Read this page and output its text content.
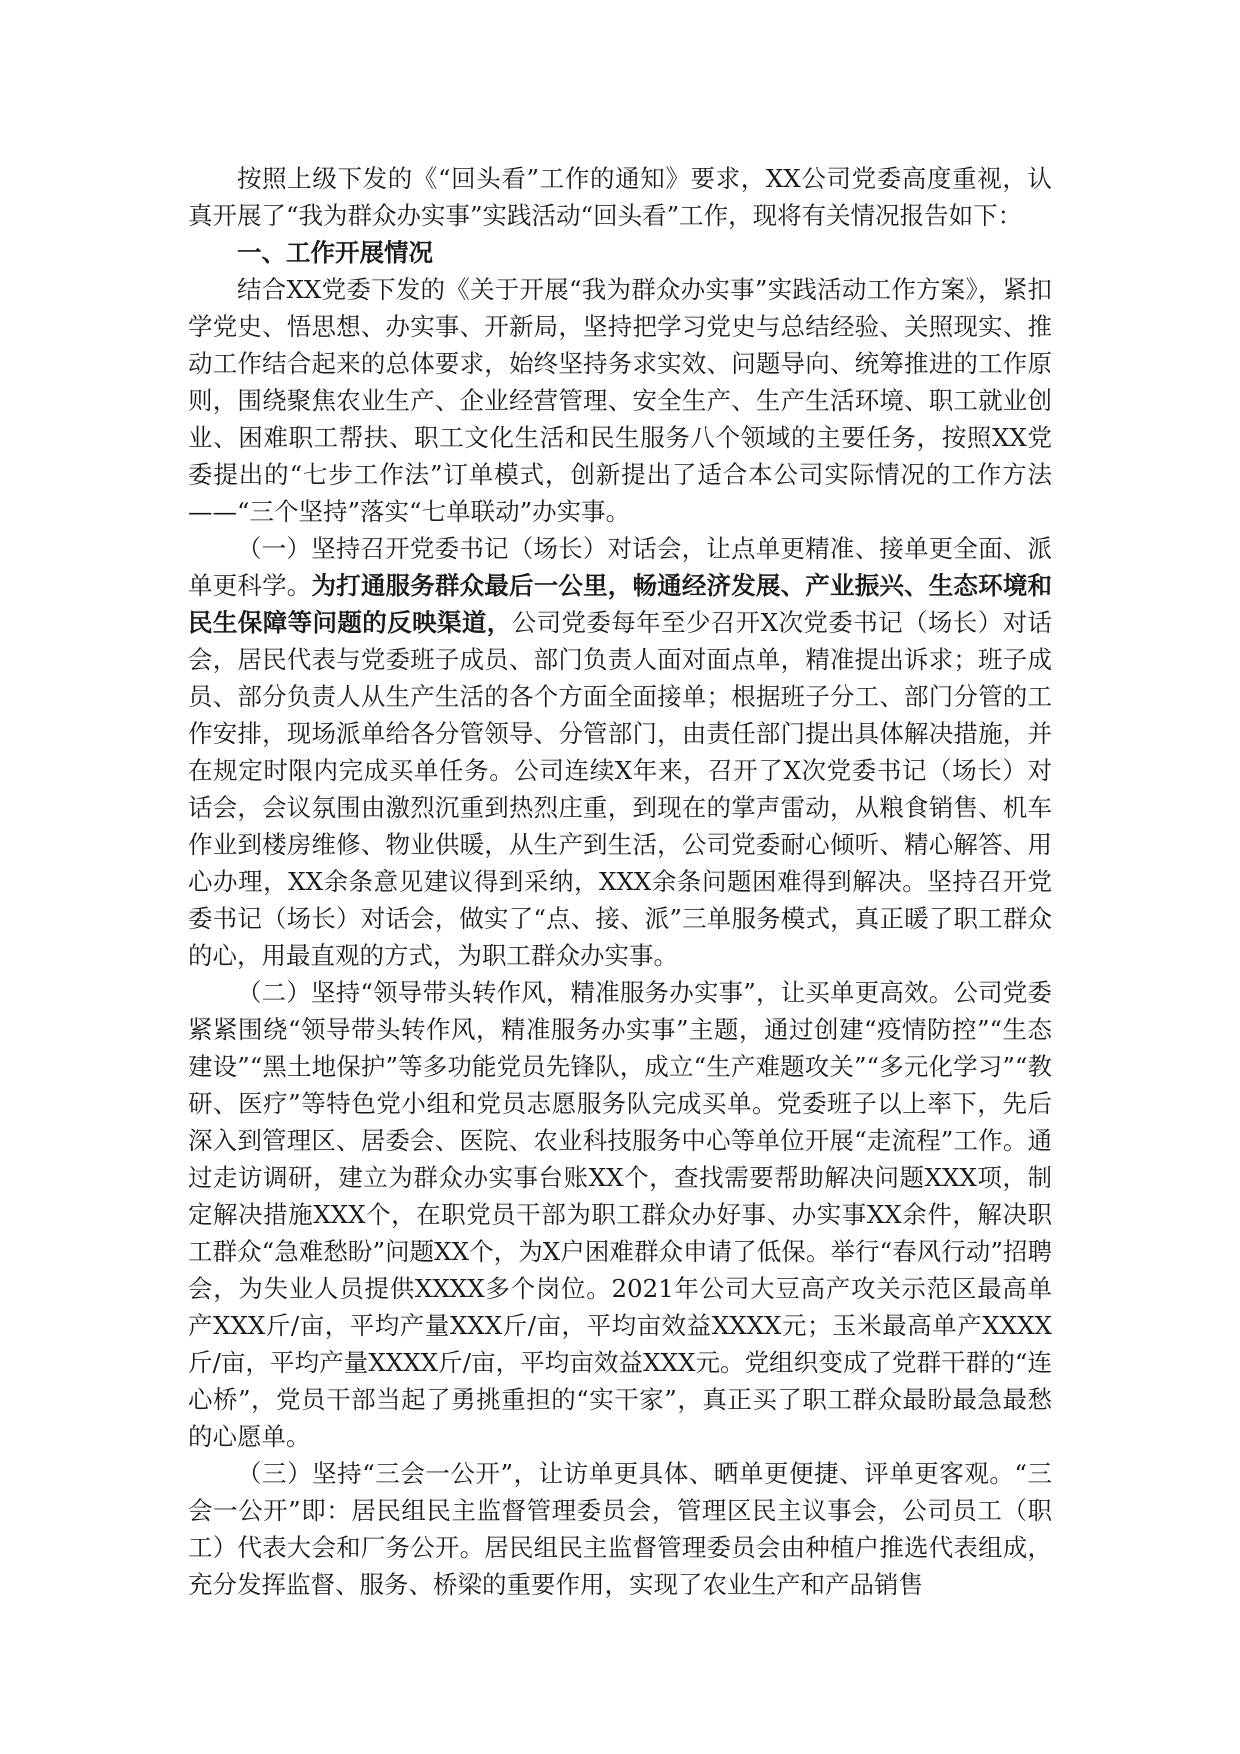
按照上级下发的《“回头看”工作的通知》要求，XX公司党委高度重视，认真开展了“我为群众办实事”实践活动“回头看”工作，现将有关情况报告如下：

一、工作开展情况

结合XX党委下发的《关于开展“我为群众办实事”实践活动工作方案》，紧扣学党史、悟思想、办实事、开新局，坚持把学习党史与总结经验、关照现实、推动工作结合起来的总体要求，始终坚持务求实效、问题导向、统筹推进的工作原则，围绕聚焦农业生产、企业经营管理、安全生产、生产生活环境、职工就业创业、困难职工帮扶、职工文化生活和民生服务八个领域的主要任务，按照XX党委提出的“七步工作法”订单模式，创新提出了适合本公司实际情况的工作方法——“三个坚持”落实“七单联动”办实事。

（一）坚持召开党委书记（场长）对话会，让点单更精准、接单更全面、派单更科学。为打通服务群众最后一公里，畅通经济发展、产业振兴、生态环境和民生保障等问题的反映渠道，公司党委每年至少召开X次党委书记（场长）对话会，居民代表与党委班子成员、部门负责人面对面点单，精准提出诉求；班子成员、部分负责人从生产生活的各个方面全面接单；根据班子分工、部门分管的工作安排，现场派单给各分管领导、分管部门，由责任部门提出具体解决措施，并在规定时限内完成买单任务。公司连续X年来，召开了X次党委书记（场长）对话会，会议氛围由激烈沉重到热烈庄重，到现在的掌声雷动，从粮食销售、机车作业到楼房维修、物业供暖，从生产到生活，公司党委耐心倾听、精心解答、用心办理，XX余条意见建议得到采纳，XXX余条问题困难得到解决。坚持召开党委书记（场长）对话会，做实了“点、接、派”三单服务模式，真正暖了职工群众的心，用最直观的方式，为职工群众办实事。

（二）坚持“领导带头转作风，精准服务办实事”，让买单更高效。公司党委紧紧围绕“领导带头转作风，精准服务办实事”主题，通过创建“疫情防控”“生态建设”“黑土地保护”等多功能党员先锋队，成立“生产难题攻关”“多元化学习”“教研、医疗”等特色党小组和党员志愿服务队完成买单。党委班子以上率下，先后深入到管理区、居委会、医院、农业科技服务中心等单位开展“走流程”工作。通过走访调研，建立为群众办实事台账XX个，查找需要帮助解决问题XXX项，制定解决措施XXX个，在职党员干部为职工群众办好事、办实事XX余件，解决职工群众“急难愁盼”问题XX个，为X户困难群众申请了低保。举行“春风行动”招聘会，为失业人员提供XXXX多个岗位。2021年公司大豆高产攻关示范区最高单产XXX斤/亩，平均产量XXX斤/亩，平均亩效益XXXX元；玉米最高单产XXXX斤/亩，平均产量XXXX斤/亩，平均亩效益XXX元。党组织变成了党群干群的“连心桥”，党员干部当起了勇挑重担的“实干家”，真正买了职工群众最盼最急最愁的心愿单。

（三）坚持“三会一公开”，让访单更具体、晒单更便捷、评单更客观。“三会一公开”即：居民组民主监督管理委员会，管理区民主议事会，公司员工（职工）代表大会和厂务公开。居民组民主监督管理委员会由种植户推选代表组成，充分发挥监督、服务、桥梁的重要作用，实现了农业生产和产品销售
